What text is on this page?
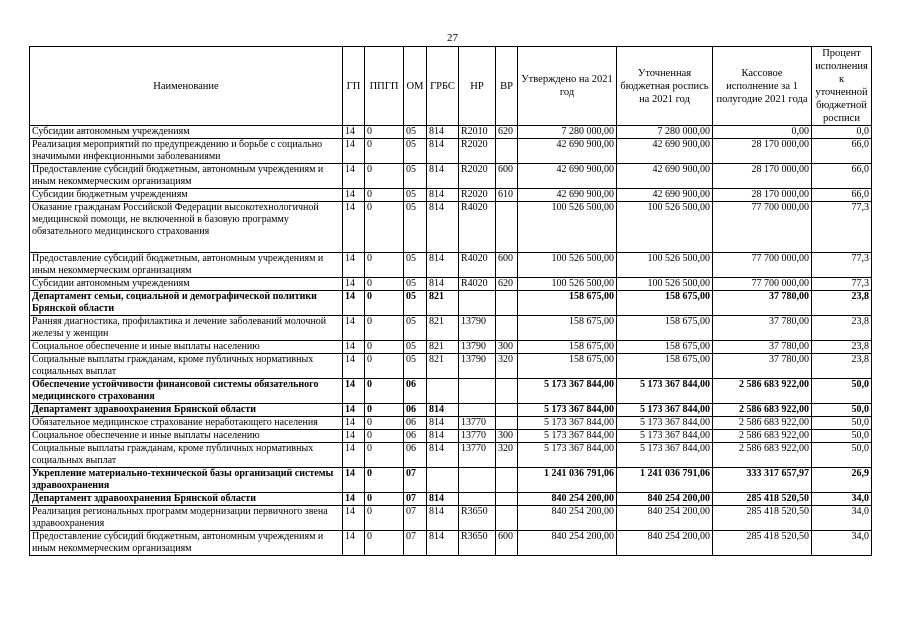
27
Наименование	ГП	ППГП	ОМ	ГРБС	НР	ВР	Утверждено на 2021 год	Уточненная бюджетная роспись на 2021 год	Кассовое исполнение за 1 полугодие 2021 года	Процент исполнения к уточненной бюджетной росписи
Субсидии автономным учреждениям	14	0	05	814	R2010	620	7 280 000,00	7 280 000,00	0,00	0,0
Реализация мероприятий по предупреждению и борьбе с социально значимыми инфекционными заболеваниями	14	0	05	814	R2020		42 690 900,00	42 690 900,00	28 170 000,00	66,0
Предоставление субсидий бюджетным, автономным учреждениям и иным некоммерческим организациям	14	0	05	814	R2020	600	42 690 900,00	42 690 900,00	28 170 000,00	66,0
Субсидии бюджетным учреждениям	14	0	05	814	R2020	610	42 690 900,00	42 690 900,00	28 170 000,00	66,0
Оказание гражданам Российской Федерации высокотехнологичной медицинской помощи, не включенной в базовую программу обязательного медицинского страхования	14	0	05	814	R4020		100 526 500,00	100 526 500,00	77 700 000,00	77,3
Предоставление субсидий бюджетным, автономным учреждениям и иным некоммерческим организациям	14	0	05	814	R4020	600	100 526 500,00	100 526 500,00	77 700 000,00	77,3
Субсидии автономным учреждениям	14	0	05	814	R4020	620	100 526 500,00	100 526 500,00	77 700 000,00	77,3
Департамент семьи, социальной и демографической политики Брянской области	14	0	05	821			158 675,00	158 675,00	37 780,00	23,8
Ранняя диагностика, профилактика и лечение заболеваний молочной железы у женщин	14	0	05	821	13790		158 675,00	158 675,00	37 780,00	23,8
Социальное обеспечение и иные выплаты населению	14	0	05	821	13790	300	158 675,00	158 675,00	37 780,00	23,8
Социальные выплаты гражданам, кроме публичных нормативных социальных выплат	14	0	05	821	13790	320	158 675,00	158 675,00	37 780,00	23,8
Обеспечение устойчивости финансовой системы обязательного медицинского страхования	14	0	06				5 173 367 844,00	5 173 367 844,00	2 586 683 922,00	50,0
Департамент здравоохранения Брянской области	14	0	06	814			5 173 367 844,00	5 173 367 844,00	2 586 683 922,00	50,0
Обязательное медицинское страхование неработающего населения	14	0	06	814	13770		5 173 367 844,00	5 173 367 844,00	2 586 683 922,00	50,0
Социальное обеспечение и иные выплаты населению	14	0	06	814	13770	300	5 173 367 844,00	5 173 367 844,00	2 586 683 922,00	50,0
Социальные выплаты гражданам, кроме публичных нормативных социальных выплат	14	0	06	814	13770	320	5 173 367 844,00	5 173 367 844,00	2 586 683 922,00	50,0
Укрепление материально-технической базы организаций системы здравоохранения	14	0	07				1 241 036 791,06	1 241 036 791,06	333 317 657,97	26,9
Департамент здравоохранения Брянской области	14	0	07	814			840 254 200,00	840 254 200,00	285 418 520,50	34,0
Реализация региональных программ модернизации первичного звена здравоохранения	14	0	07	814	R3650		840 254 200,00	840 254 200,00	285 418 520,50	34,0
Предоставление субсидий бюджетным, автономным учреждениям и иным некоммерческим организациям	14	0	07	814	R3650	600	840 254 200,00	840 254 200,00	285 418 520,50	34,0
